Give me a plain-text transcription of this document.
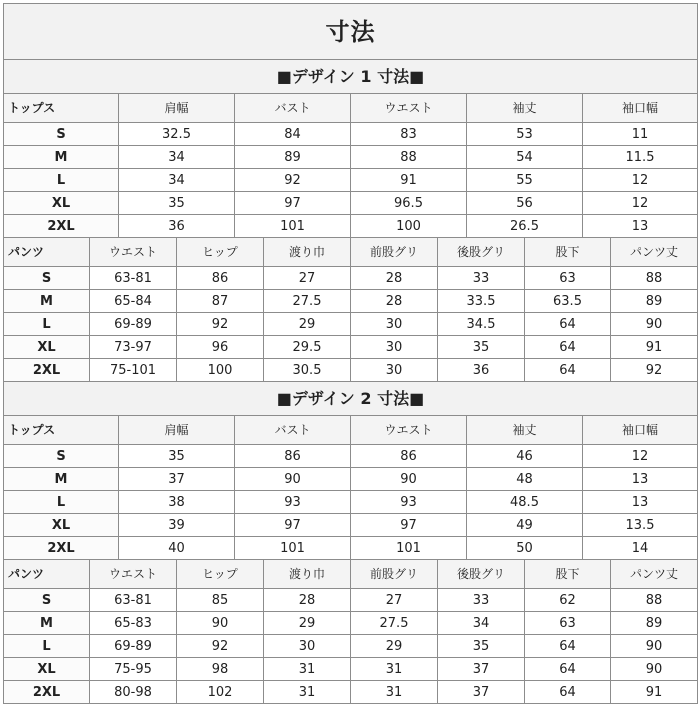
寸法											
■デザイン 1 寸法■											
トップス		肩幅		バスト		ウエスト		袖丈		袖口幅	
S		32.5		84		83		53		11	
M		34		89		88		54		11.5	
L		34		92		91		55		12	
XL		35		97		96.5		56		12	
2XL		36		101		100		26.5		13	
パンツ	ウエスト		ヒップ		渡り巾	前股グリ	後股グリ		股下		パンツ丈
S	63-81		86		27	28	33		63		88
M	65-84		87		27.5	28	33.5		63.5		89
L	69-89		92		29	30	34.5		64		90
XL	73-97		96		29.5	30	35		64		91
2XL	75-101		100		30.5	30	36		64		92
■デザイン 2 寸法■											
トップス		肩幅		バスト		ウエスト		袖丈		袖口幅	
S		35		86		86		46		12	
M		37		90		90		48		13	
L		38		93		93		48.5		13	
XL		39		97		97		49		13.5	
2XL		40		101		101		50		14	
パンツ	ウエスト		ヒップ		渡り巾	前股グリ	後股グリ		股下		パンツ丈
S	63-81		85		28	27	33		62		88
M	65-83		90		29	27.5	34		63		89
L	69-89		92		30	29	35		64		90
XL	75-95		98		31	31	37		64		90
2XL	80-98		102		31	31	37		64		91
